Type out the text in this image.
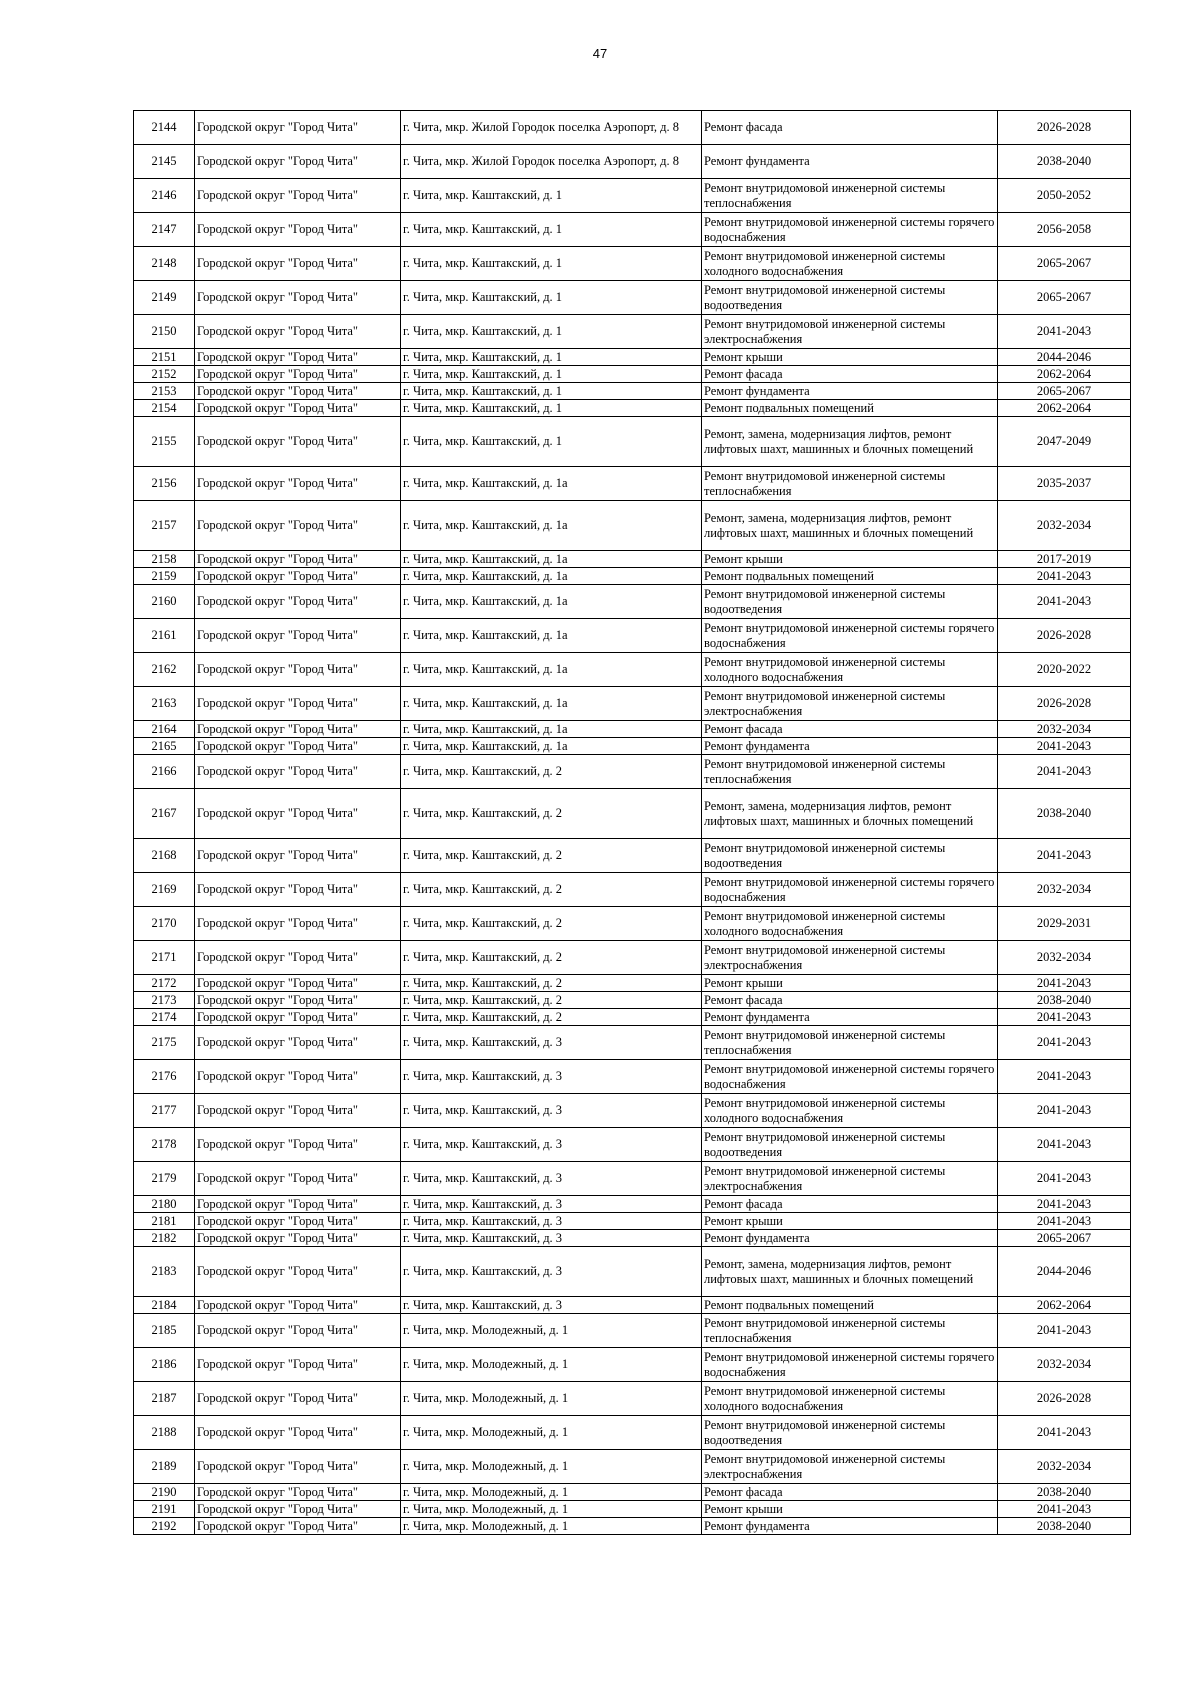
47
2144	Городской округ "Город Чита"	г. Чита, мкр. Жилой Городок поселка Аэропорт, д. 8	Ремонт фасада	2026-2028
2145	Городской округ "Город Чита"	г. Чита, мкр. Жилой Городок поселка Аэропорт, д. 8	Ремонт фундамента	2038-2040
2146	Городской округ "Город Чита"	г. Чита, мкр. Каштакский, д. 1	Ремонт внутридомовой инженерной системы теплоснабжения	2050-2052
2147	Городской округ "Город Чита"	г. Чита, мкр. Каштакский, д. 1	Ремонт внутридомовой инженерной системы горячего водоснабжения	2056-2058
2148	Городской округ "Город Чита"	г. Чита, мкр. Каштакский, д. 1	Ремонт внутридомовой инженерной системы холодного водоснабжения	2065-2067
2149	Городской округ "Город Чита"	г. Чита, мкр. Каштакский, д. 1	Ремонт внутридомовой инженерной системы водоотведения	2065-2067
2150	Городской округ "Город Чита"	г. Чита, мкр. Каштакский, д. 1	Ремонт внутридомовой инженерной системы электроснабжения	2041-2043
2151	Городской округ "Город Чита"	г. Чита, мкр. Каштакский, д. 1	Ремонт крыши	2044-2046
2152	Городской округ "Город Чита"	г. Чита, мкр. Каштакский, д. 1	Ремонт фасада	2062-2064
2153	Городской округ "Город Чита"	г. Чита, мкр. Каштакский, д. 1	Ремонт фундамента	2065-2067
2154	Городской округ "Город Чита"	г. Чита, мкр. Каштакский, д. 1	Ремонт подвальных помещений	2062-2064
2155	Городской округ "Город Чита"	г. Чита, мкр. Каштакский, д. 1	Ремонт, замена, модернизация лифтов, ремонт лифтовых шахт, машинных и блочных помещений	2047-2049
2156	Городской округ "Город Чита"	г. Чита, мкр. Каштакский, д. 1а	Ремонт внутридомовой инженерной системы теплоснабжения	2035-2037
2157	Городской округ "Город Чита"	г. Чита, мкр. Каштакский, д. 1а	Ремонт, замена, модернизация лифтов, ремонт лифтовых шахт, машинных и блочных помещений	2032-2034
2158	Городской округ "Город Чита"	г. Чита, мкр. Каштакский, д. 1а	Ремонт крыши	2017-2019
2159	Городской округ "Город Чита"	г. Чита, мкр. Каштакский, д. 1а	Ремонт подвальных помещений	2041-2043
2160	Городской округ "Город Чита"	г. Чита, мкр. Каштакский, д. 1а	Ремонт внутридомовой инженерной системы водоотведения	2041-2043
2161	Городской округ "Город Чита"	г. Чита, мкр. Каштакский, д. 1а	Ремонт внутридомовой инженерной системы горячего водоснабжения	2026-2028
2162	Городской округ "Город Чита"	г. Чита, мкр. Каштакский, д. 1а	Ремонт внутридомовой инженерной системы холодного водоснабжения	2020-2022
2163	Городской округ "Город Чита"	г. Чита, мкр. Каштакский, д. 1а	Ремонт внутридомовой инженерной системы электроснабжения	2026-2028
2164	Городской округ "Город Чита"	г. Чита, мкр. Каштакский, д. 1а	Ремонт фасада	2032-2034
2165	Городской округ "Город Чита"	г. Чита, мкр. Каштакский, д. 1а	Ремонт фундамента	2041-2043
2166	Городской округ "Город Чита"	г. Чита, мкр. Каштакский, д. 2	Ремонт внутридомовой инженерной системы теплоснабжения	2041-2043
2167	Городской округ "Город Чита"	г. Чита, мкр. Каштакский, д. 2	Ремонт, замена, модернизация лифтов, ремонт лифтовых шахт, машинных и блочных помещений	2038-2040
2168	Городской округ "Город Чита"	г. Чита, мкр. Каштакский, д. 2	Ремонт внутридомовой инженерной системы водоотведения	2041-2043
2169	Городской округ "Город Чита"	г. Чита, мкр. Каштакский, д. 2	Ремонт внутридомовой инженерной системы горячего водоснабжения	2032-2034
2170	Городской округ "Город Чита"	г. Чита, мкр. Каштакский, д. 2	Ремонт внутридомовой инженерной системы холодного водоснабжения	2029-2031
2171	Городской округ "Город Чита"	г. Чита, мкр. Каштакский, д. 2	Ремонт внутридомовой инженерной системы электроснабжения	2032-2034
2172	Городской округ "Город Чита"	г. Чита, мкр. Каштакский, д. 2	Ремонт крыши	2041-2043
2173	Городской округ "Город Чита"	г. Чита, мкр. Каштакский, д. 2	Ремонт фасада	2038-2040
2174	Городской округ "Город Чита"	г. Чита, мкр. Каштакский, д. 2	Ремонт фундамента	2041-2043
2175	Городской округ "Город Чита"	г. Чита, мкр. Каштакский, д. 3	Ремонт внутридомовой инженерной системы теплоснабжения	2041-2043
2176	Городской округ "Город Чита"	г. Чита, мкр. Каштакский, д. 3	Ремонт внутридомовой инженерной системы горячего водоснабжения	2041-2043
2177	Городской округ "Город Чита"	г. Чита, мкр. Каштакский, д. 3	Ремонт внутридомовой инженерной системы холодного водоснабжения	2041-2043
2178	Городской округ "Город Чита"	г. Чита, мкр. Каштакский, д. 3	Ремонт внутридомовой инженерной системы водоотведения	2041-2043
2179	Городской округ "Город Чита"	г. Чита, мкр. Каштакский, д. 3	Ремонт внутридомовой инженерной системы электроснабжения	2041-2043
2180	Городской округ "Город Чита"	г. Чита, мкр. Каштакский, д. 3	Ремонт фасада	2041-2043
2181	Городской округ "Город Чита"	г. Чита, мкр. Каштакский, д. 3	Ремонт крыши	2041-2043
2182	Городской округ "Город Чита"	г. Чита, мкр. Каштакский, д. 3	Ремонт фундамента	2065-2067
2183	Городской округ "Город Чита"	г. Чита, мкр. Каштакский, д. 3	Ремонт, замена, модернизация лифтов, ремонт лифтовых шахт, машинных и блочных помещений	2044-2046
2184	Городской округ "Город Чита"	г. Чита, мкр. Каштакский, д. 3	Ремонт подвальных помещений	2062-2064
2185	Городской округ "Город Чита"	г. Чита, мкр. Молодежный, д. 1	Ремонт внутридомовой инженерной системы теплоснабжения	2041-2043
2186	Городской округ "Город Чита"	г. Чита, мкр. Молодежный, д. 1	Ремонт внутридомовой инженерной системы горячего водоснабжения	2032-2034
2187	Городской округ "Город Чита"	г. Чита, мкр. Молодежный, д. 1	Ремонт внутридомовой инженерной системы холодного водоснабжения	2026-2028
2188	Городской округ "Город Чита"	г. Чита, мкр. Молодежный, д. 1	Ремонт внутридомовой инженерной системы водоотведения	2041-2043
2189	Городской округ "Город Чита"	г. Чита, мкр. Молодежный, д. 1	Ремонт внутридомовой инженерной системы электроснабжения	2032-2034
2190	Городской округ "Город Чита"	г. Чита, мкр. Молодежный, д. 1	Ремонт фасада	2038-2040
2191	Городской округ "Город Чита"	г. Чита, мкр. Молодежный, д. 1	Ремонт крыши	2041-2043
2192	Городской округ "Город Чита"	г. Чита, мкр. Молодежный, д. 1	Ремонт фундамента	2038-2040
